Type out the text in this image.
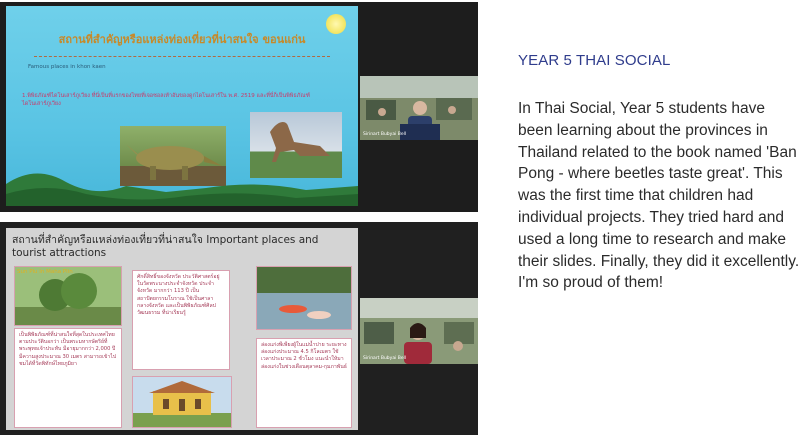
สถานที่สำคัญหรือแหล่งท่องเที่ยวที่น่าสนใจ ขอนแก่น
Famous places in khon kaen
1.พิพิธภัณฑ์ไดโนเสาร์ภูเวียง ที่นี่เป็นที่แรกของไทยที่เจอซอลเท้าอันของดูกไดโนเสาร์ใน พ.ศ. 2519 และที่นี่ก็เป็นพิพิธภัณฑ์ไดโนเสาร์ภูเวียง
Sirinart Bubyai Bell
สถานที่สำคัญหรือแหล่งท่องเที่ยวที่น่าสนใจ Important places and tourist attractions
Sun Plu In Maha Plin
เป็นพิพิธภัณฑ์ที่น่าสนใจที่สุดในประเทศไทย ตามประวัติบอกว่า เป็นพระมหากษัตริย์ที่ พระพุทธเจ้าประทับ มีอายุมากกว่า 2,000 ปี มีความสูงประมาณ 30 เมตร สามารถเข้าไปชมได้ที่วัดพิทักษ์ไทยภูมิยา
ศักดิ์สิทธิ์ของจังหวัด ประวัติศาสตร์อยู่ในวัดพระนางประจำจังหวัด ประจำจังหวัด มากกว่า 113 ปี เป็นสถาปัตยกรรมโบราณ ใช้เป็นศาลากลางจังหวัด และเป็นพิพิธภัณฑ์ศิลปวัฒนธรรม ที่น่าเรียนรู้
ล่องแก่งพีเพียงผู้ในแม่น้ำปาย ระยะทางล่องแก่งประมาณ 4.5 กิโลเมตร ใช้เวลาประมาณ 2 ชั่วโมง แนะนำให้มาล่องแก่งในช่วงเดือนตุลาคม-กุมภาพันธ์
Sirinart Bubyai Bell
YEAR 5 THAI SOCIAL
In Thai Social, Year 5 students have been learning about the provinces in Thailand related to the book named 'Ban Pong - where beetles taste great'. This was the first time that children had individual projects. They tried hard and used a long time to research and make their slides. Finally, they did it excellently. I'm so proud of them!
